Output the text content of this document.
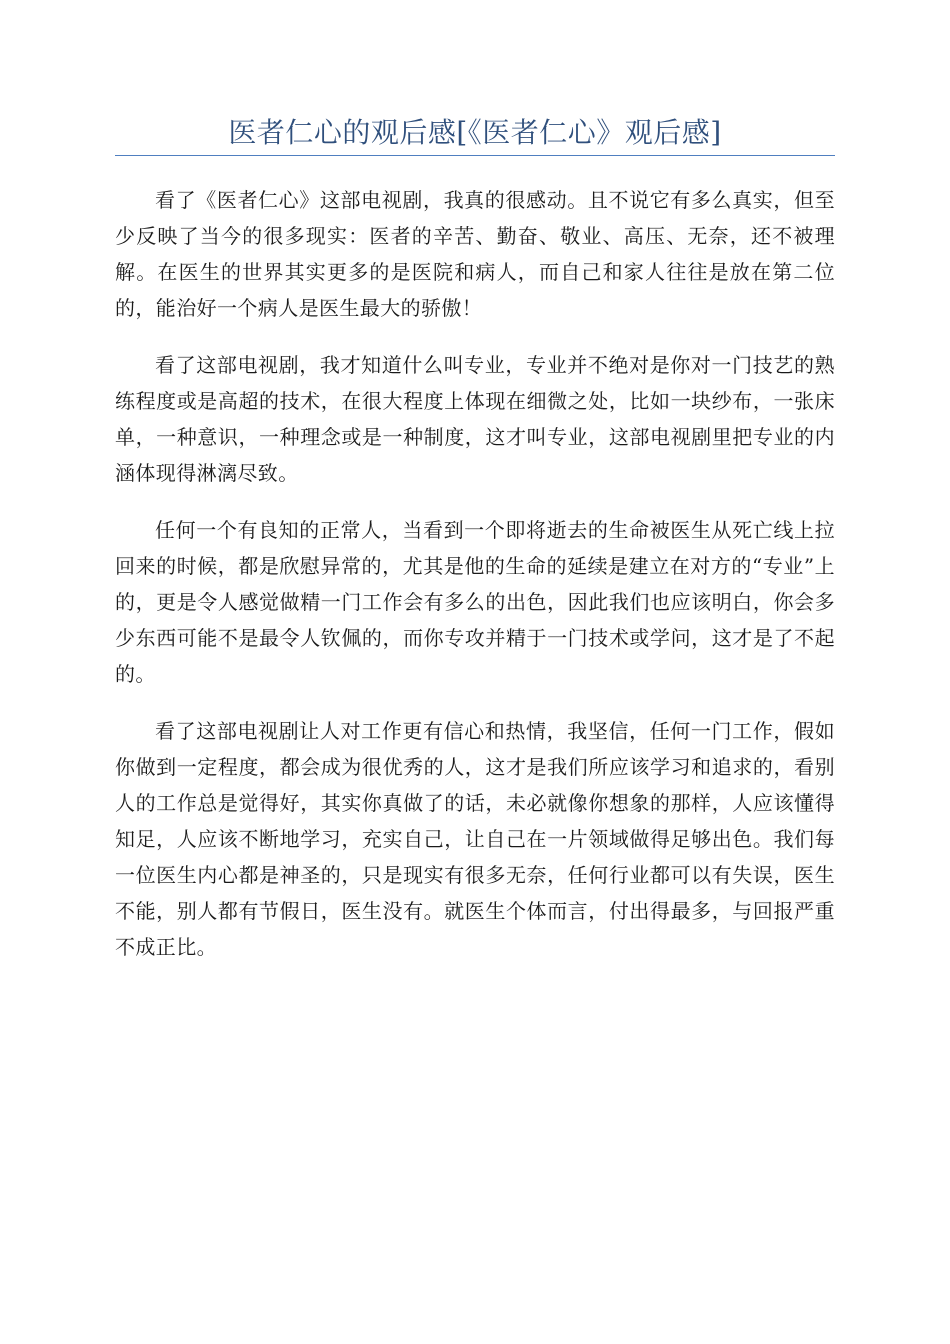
医者仁心的观后感[《医者仁心》观后感]

看了《医者仁心》这部电视剧，我真的很感动。且不说它有多么真实，但至少反映了当今的很多现实：医者的辛苦、勤奋、敬业、高压、无奈，还不被理解。在医生的世界其实更多的是医院和病人，而自己和家人往往是放在第二位的，能治好一个病人是医生最大的骄傲！

看了这部电视剧，我才知道什么叫专业，专业并不绝对是你对一门技艺的熟练程度或是高超的技术，在很大程度上体现在细微之处，比如一块纱布，一张床单，一种意识，一种理念或是一种制度，这才叫专业，这部电视剧里把专业的内涵体现得淋漓尽致。

任何一个有良知的正常人，当看到一个即将逝去的生命被医生从死亡线上拉回来的时候，都是欣慰异常的，尤其是他的生命的延续是建立在对方的“专业”上的，更是令人感觉做精一门工作会有多么的出色，因此我们也应该明白，你会多少东西可能不是最令人钦佩的，而你专攻并精于一门技术或学问，这才是了不起的。

看了这部电视剧让人对工作更有信心和热情，我坚信，任何一门工作，假如你做到一定程度，都会成为很优秀的人，这才是我们所应该学习和追求的，看别人的工作总是觉得好，其实你真做了的话，未必就像你想象的那样，人应该懂得知足，人应该不断地学习，充实自己，让自己在一片领域做得足够出色。我们每一位医生内心都是神圣的，只是现实有很多无奈，任何行业都可以有失误，医生不能，别人都有节假日，医生没有。就医生个体而言，付出得最多，与回报严重不成正比。
